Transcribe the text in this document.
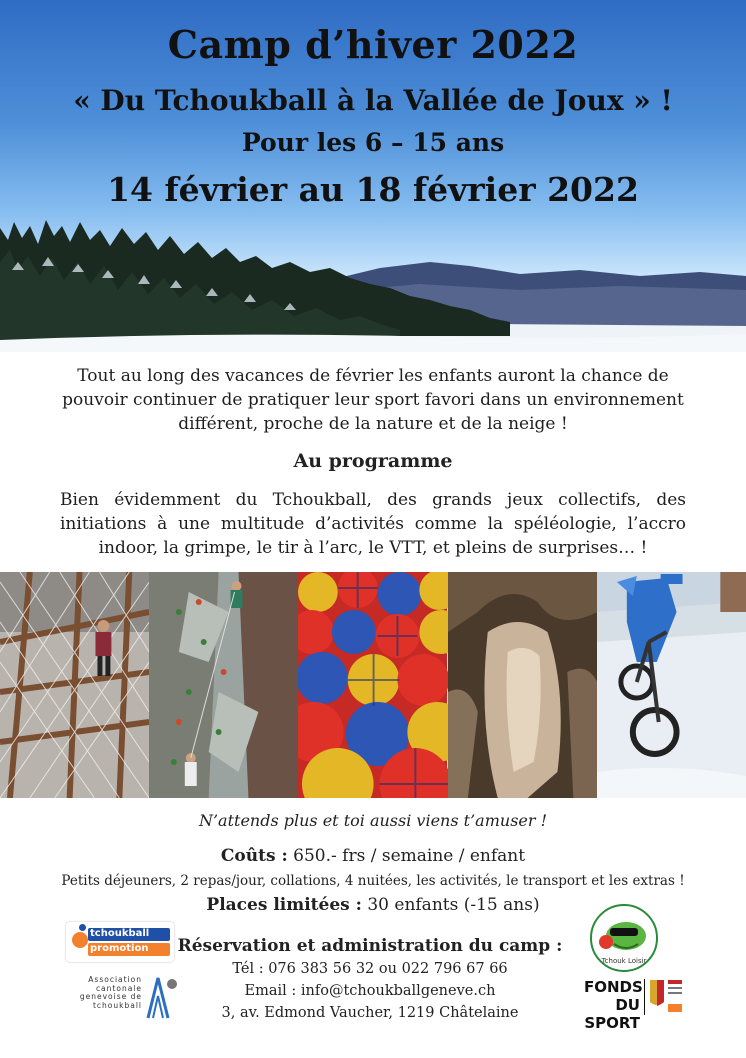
Camp d’hiver 2022
« Du Tchoukball à la Vallée de Joux » !
Pour les 6 – 15 ans
14 février au 18 février 2022
Tout au long des vacances de février les enfants auront la chance de pouvoir continuer de pratiquer leur sport favori dans un environnement différent, proche de la nature et de la neige !
Au programme
Bien évidemment du Tchoukball, des grands jeux collectifs, des initiations à une multitude d’activités comme la spéléologie, l’accro indoor, la grimpe, le tir à l’arc, le VTT, et pleins de surprises… !
N’attends plus et toi aussi viens t’amuser !
Coûts : 650.- frs / semaine / enfant
Petits déjeuners, 2 repas/jour, collations, 4 nuitées, les activités, le transport et les extras !
Places limitées : 30 enfants (-15 ans)
Réservation et administration du camp :
Tél : 076 383 56 32 ou 022 796 67 66
Email : info@tchoukballgeneve.ch
3, av. Edmond Vaucher, 1219 Châtelaine
tchoukball
promotion
Association cantonale genevoise de tchoukball
Tchouk Loisir
FONDS
DU SPORT
